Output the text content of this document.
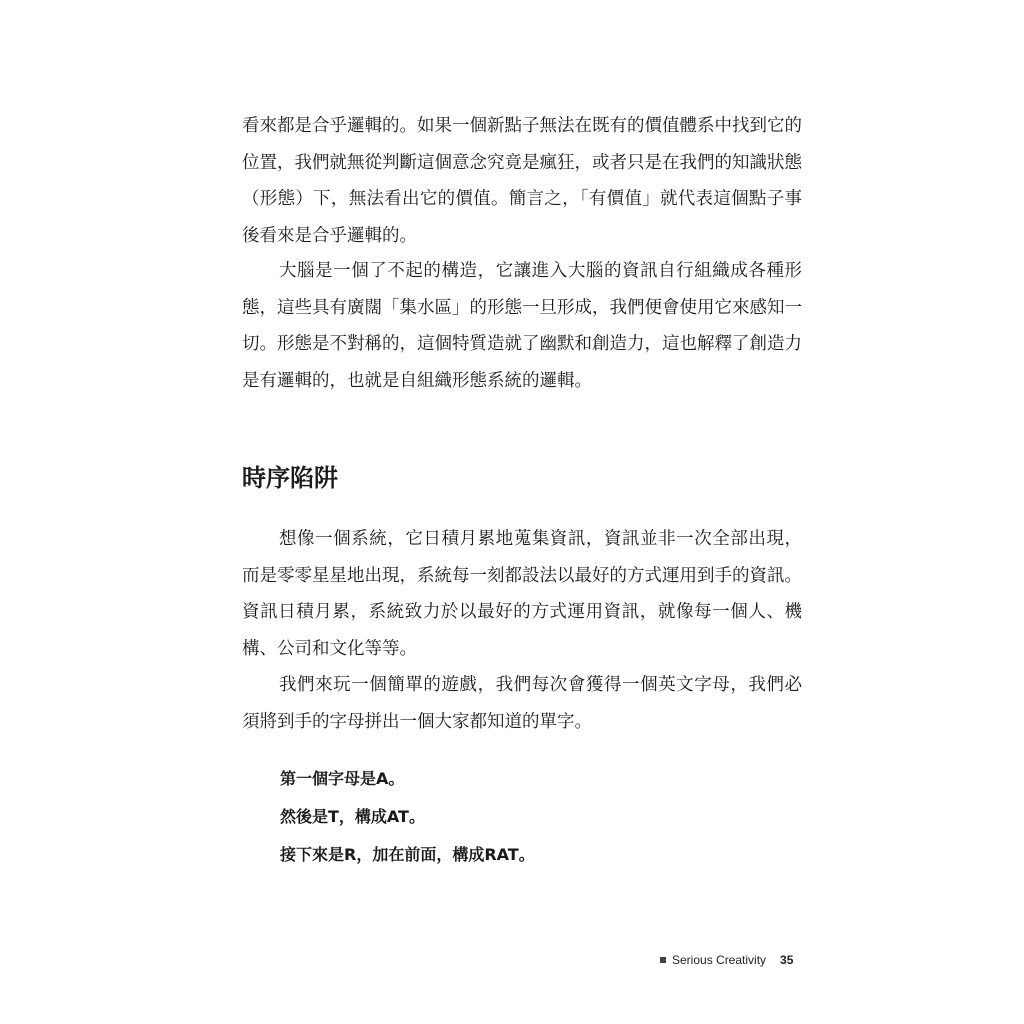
看來都是合乎邏輯的。如果一個新點子無法在既有的價值體系中找到它的位置，我們就無從判斷這個意念究竟是瘋狂，或者只是在我們的知識狀態（形態）下，無法看出它的價值。簡言之，「有價值」就代表這個點子事後看來是合乎邏輯的。

大腦是一個了不起的構造，它讓進入大腦的資訊自行組織成各種形態，這些具有廣闊「集水區」的形態一旦形成，我們便會使用它來感知一切。形態是不對稱的，這個特質造就了幽默和創造力，這也解釋了創造力是有邏輯的，也就是自組織形態系統的邏輯。

時序陷阱

想像一個系統，它日積月累地蒐集資訊，資訊並非一次全部出現，而是零零星星地出現，系統每一刻都設法以最好的方式運用到手的資訊。資訊日積月累，系統致力於以最好的方式運用資訊，就像每一個人、機構、公司和文化等等。

我們來玩一個簡單的遊戲，我們每次會獲得一個英文字母，我們必須將到手的字母拼出一個大家都知道的單字。

第一個字母是A。

然後是T，構成AT。

接下來是R，加在前面，構成RAT。

Serious Creativity 35
